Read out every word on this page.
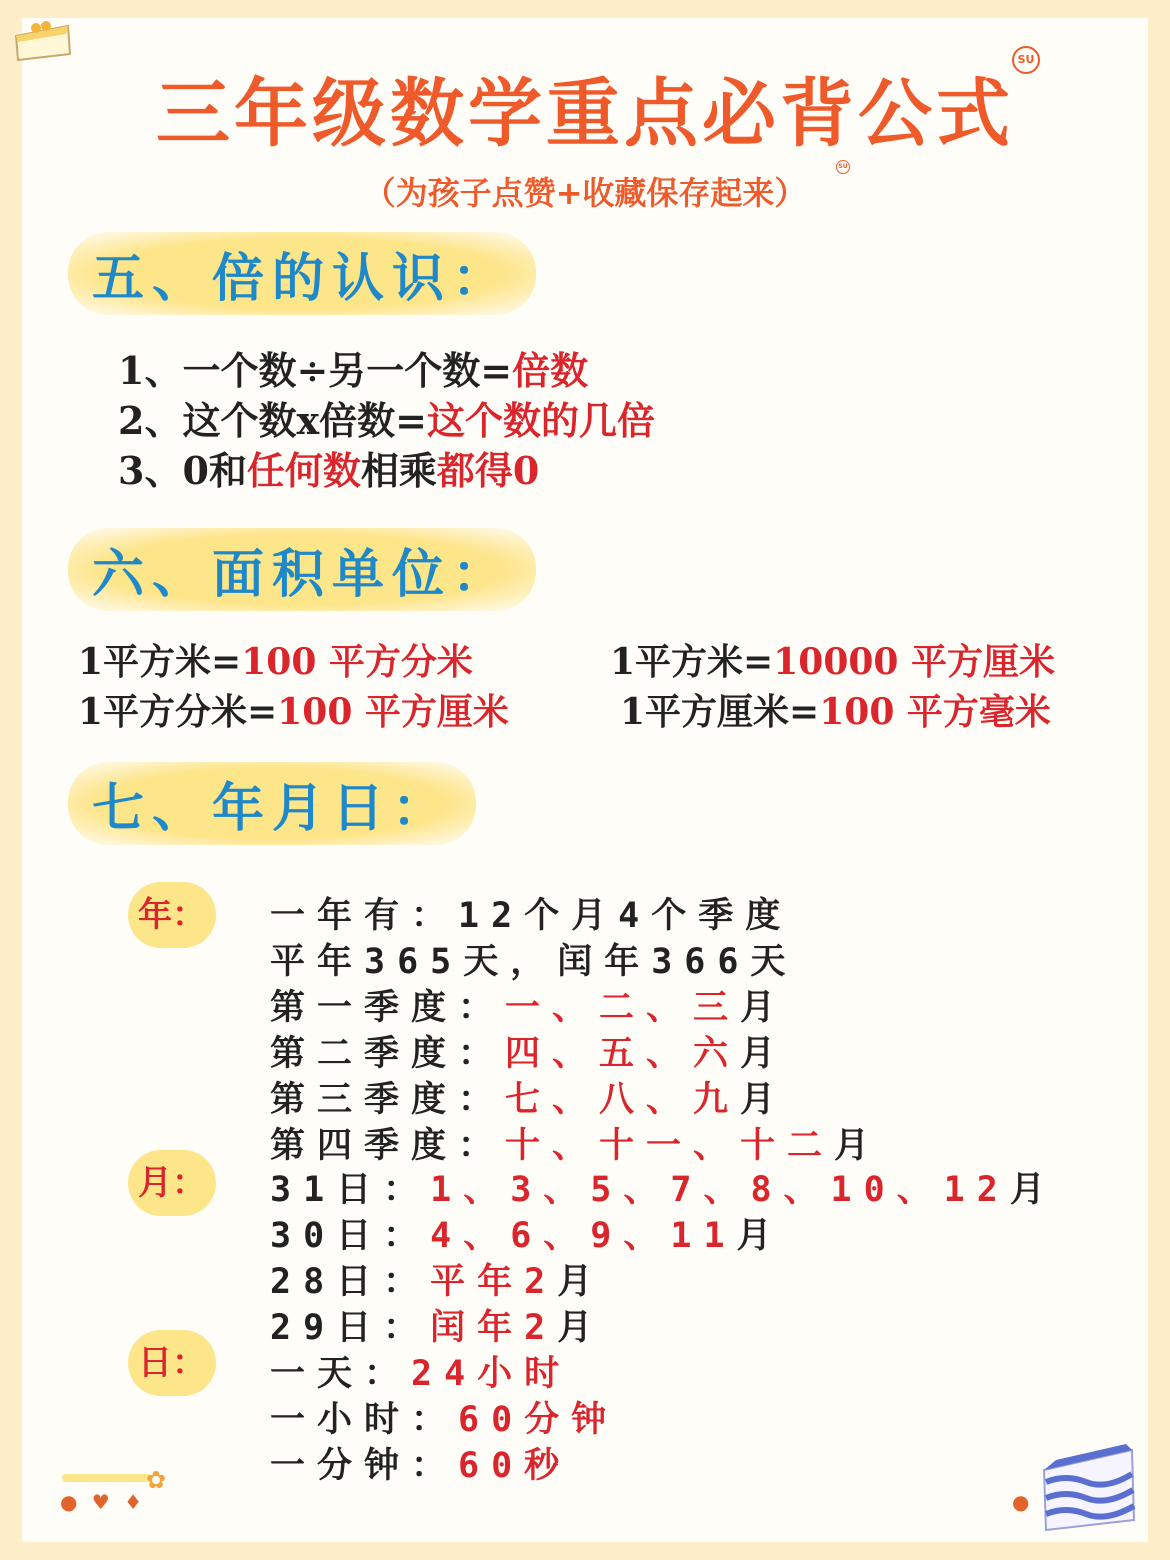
三年级数学重点必背公式
SU
（为孩子点赞+收藏保存起来）
SU
五、倍的认识：
1、一个数÷另一个数=倍数
2、这个数x倍数=这个数的几倍
3、0和任何数相乘都得0
六、面积单位：
1平方米=100 平方分米	1平方米=10000 平方厘米
1平方分米=100 平方厘米	1平方厘米=100 平方毫米
七、年月日：
年：
月：
日：
一年有：12个月4个季度
平年365天，闰年366天
第一季度：一、二、三月
第二季度：四、五、六月
第三季度：七、八、九月
第四季度：十、十一、十二月
31日：1、3、5、7、8、10、12月
30日：4、6、9、11月
28日：平年2月
29日：闰年2月
一天：24小时
一小时：60分钟
一分钟：60秒
✿
● ♥ ♦	●
